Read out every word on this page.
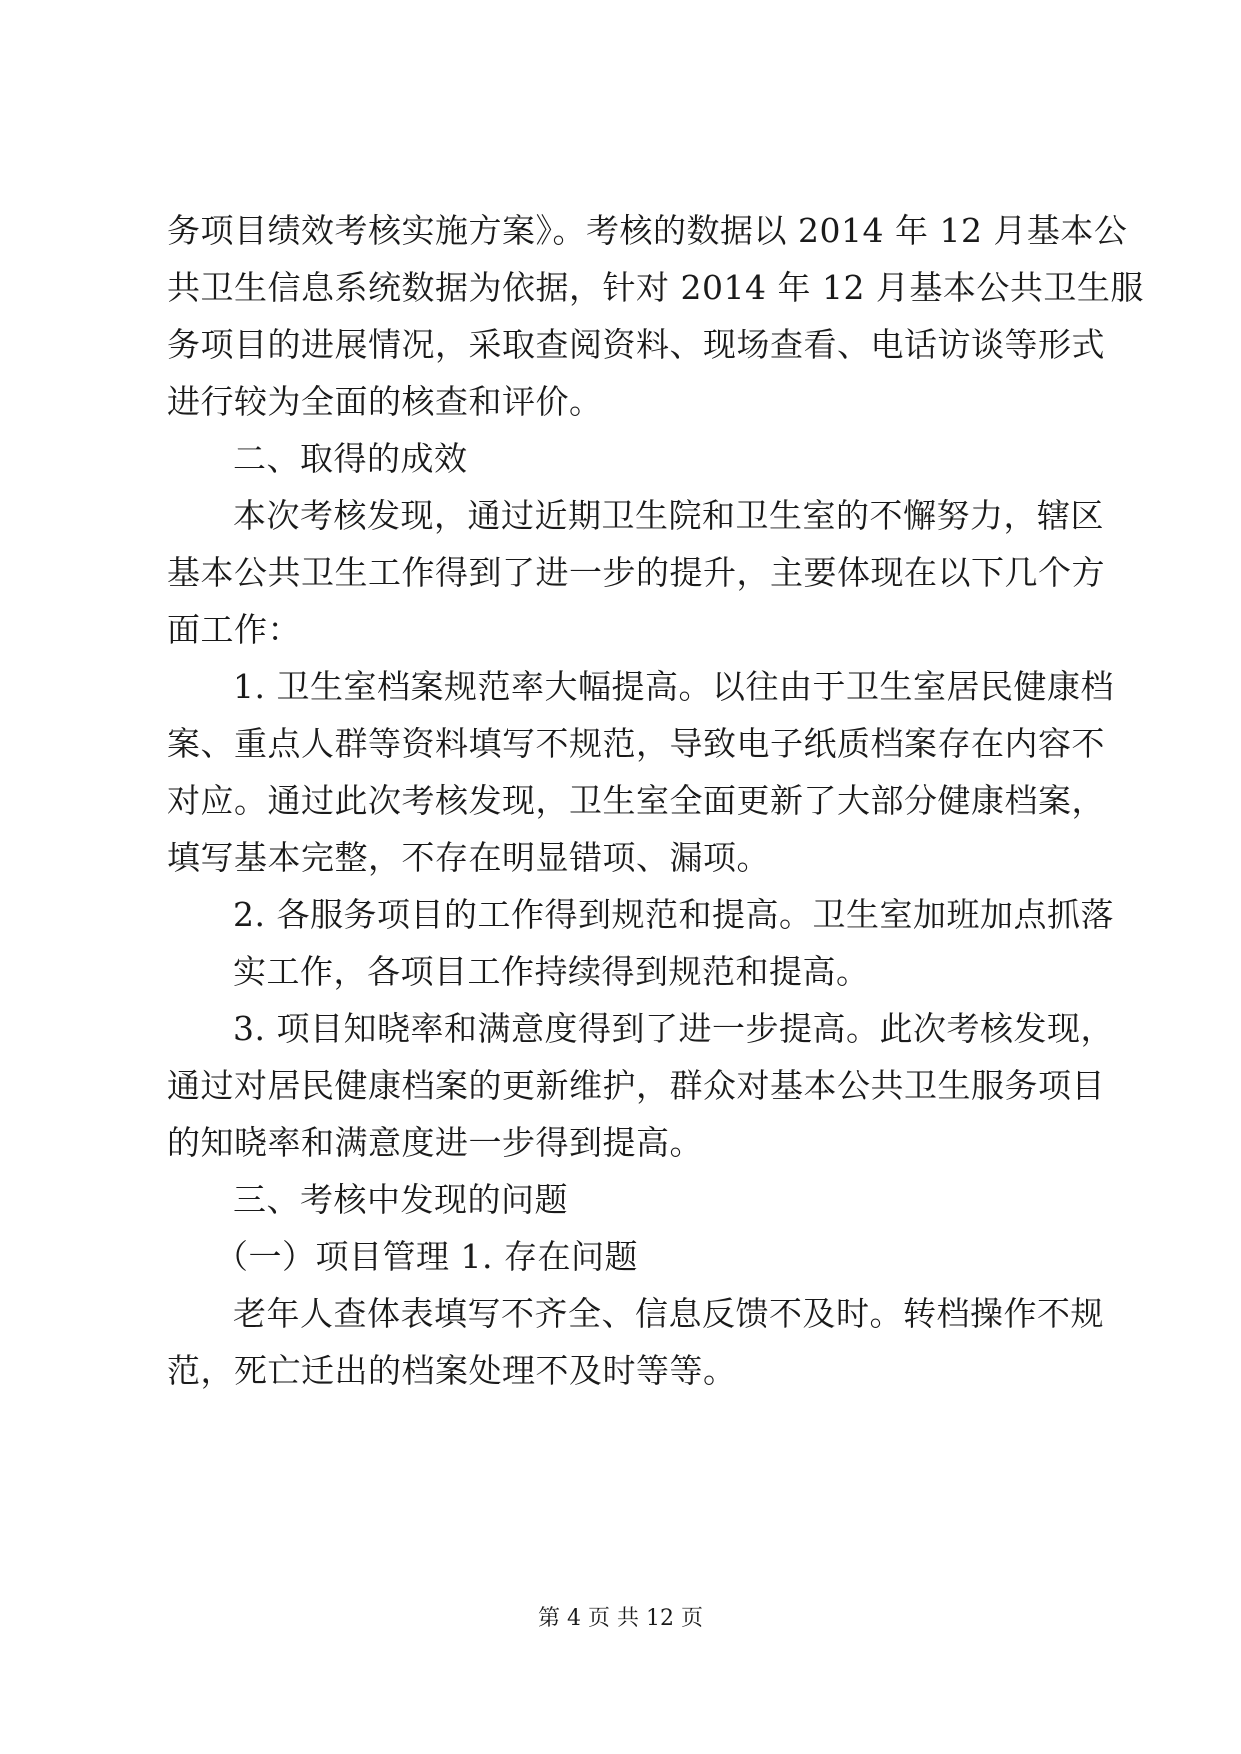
务项目绩效考核实施方案》。考核的数据以 2014 年 12 月基本公
共卫生信息系统数据为依据，针对 2014 年 12 月基本公共卫生服
务项目的进展情况，采取查阅资料、现场查看、电话访谈等形式
进行较为全面的核查和评价。
二、取得的成效
本次考核发现，通过近期卫生院和卫生室的不懈努力，辖区
基本公共卫生工作得到了进一步的提升，主要体现在以下几个方
面工作：
1. 卫生室档案规范率大幅提高。以往由于卫生室居民健康档
案、重点人群等资料填写不规范，导致电子纸质档案存在内容不
对应。通过此次考核发现，卫生室全面更新了大部分健康档案，
填写基本完整，不存在明显错项、漏项。
2. 各服务项目的工作得到规范和提高。卫生室加班加点抓落
实工作，各项目工作持续得到规范和提高。
3. 项目知晓率和满意度得到了进一步提高。此次考核发现，
通过对居民健康档案的更新维护，群众对基本公共卫生服务项目
的知晓率和满意度进一步得到提高。
三、考核中发现的问题
（一）项目管理 1. 存在问题
老年人查体表填写不齐全、信息反馈不及时。转档操作不规
范，死亡迁出的档案处理不及时等等。
第 4 页 共 12 页
